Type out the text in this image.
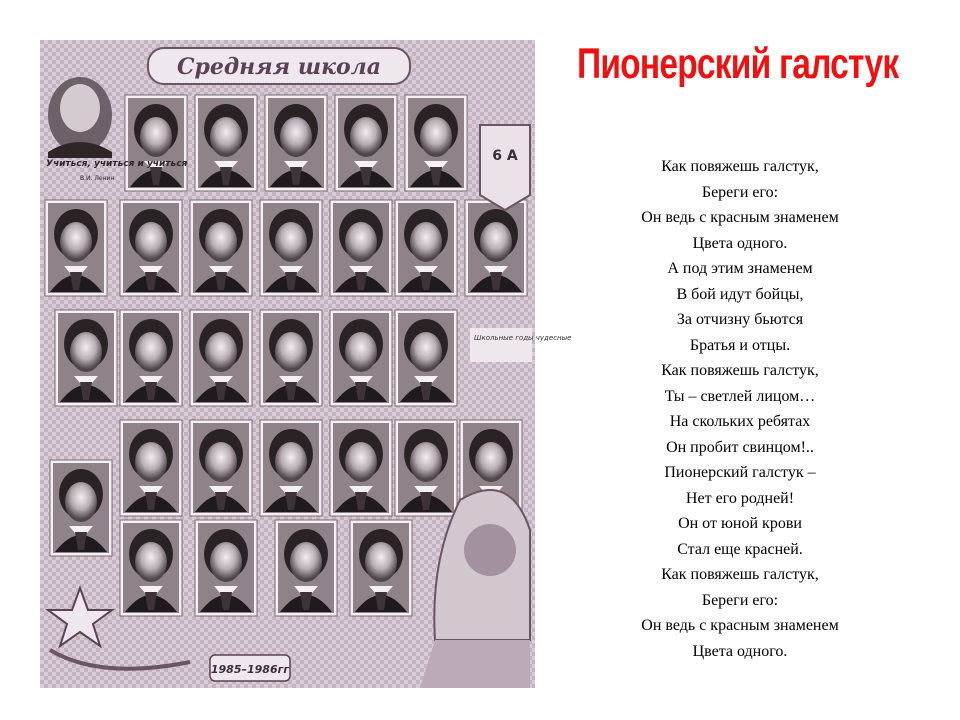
Средняя школа
Учиться, учиться и учиться
В.И. Ленин
6 А
Школьные годы чудесные
1985–1986гг
Пионерский галстук
Как повяжешь галстук,
Береги его:
Он ведь с красным знаменем
Цвета одного.
А под этим знаменем
В бой идут бойцы,
За отчизну бьются
Братья и отцы.
Как повяжешь галстук,
Ты – светлей лицом…
На скольких ребятах
Он пробит свинцом!..
Пионерский галстук –
Нет его родней!
Он от юной крови
Стал еще красней.
Как повяжешь галстук,
Береги его:
Он ведь с красным знаменем
Цвета одного.
